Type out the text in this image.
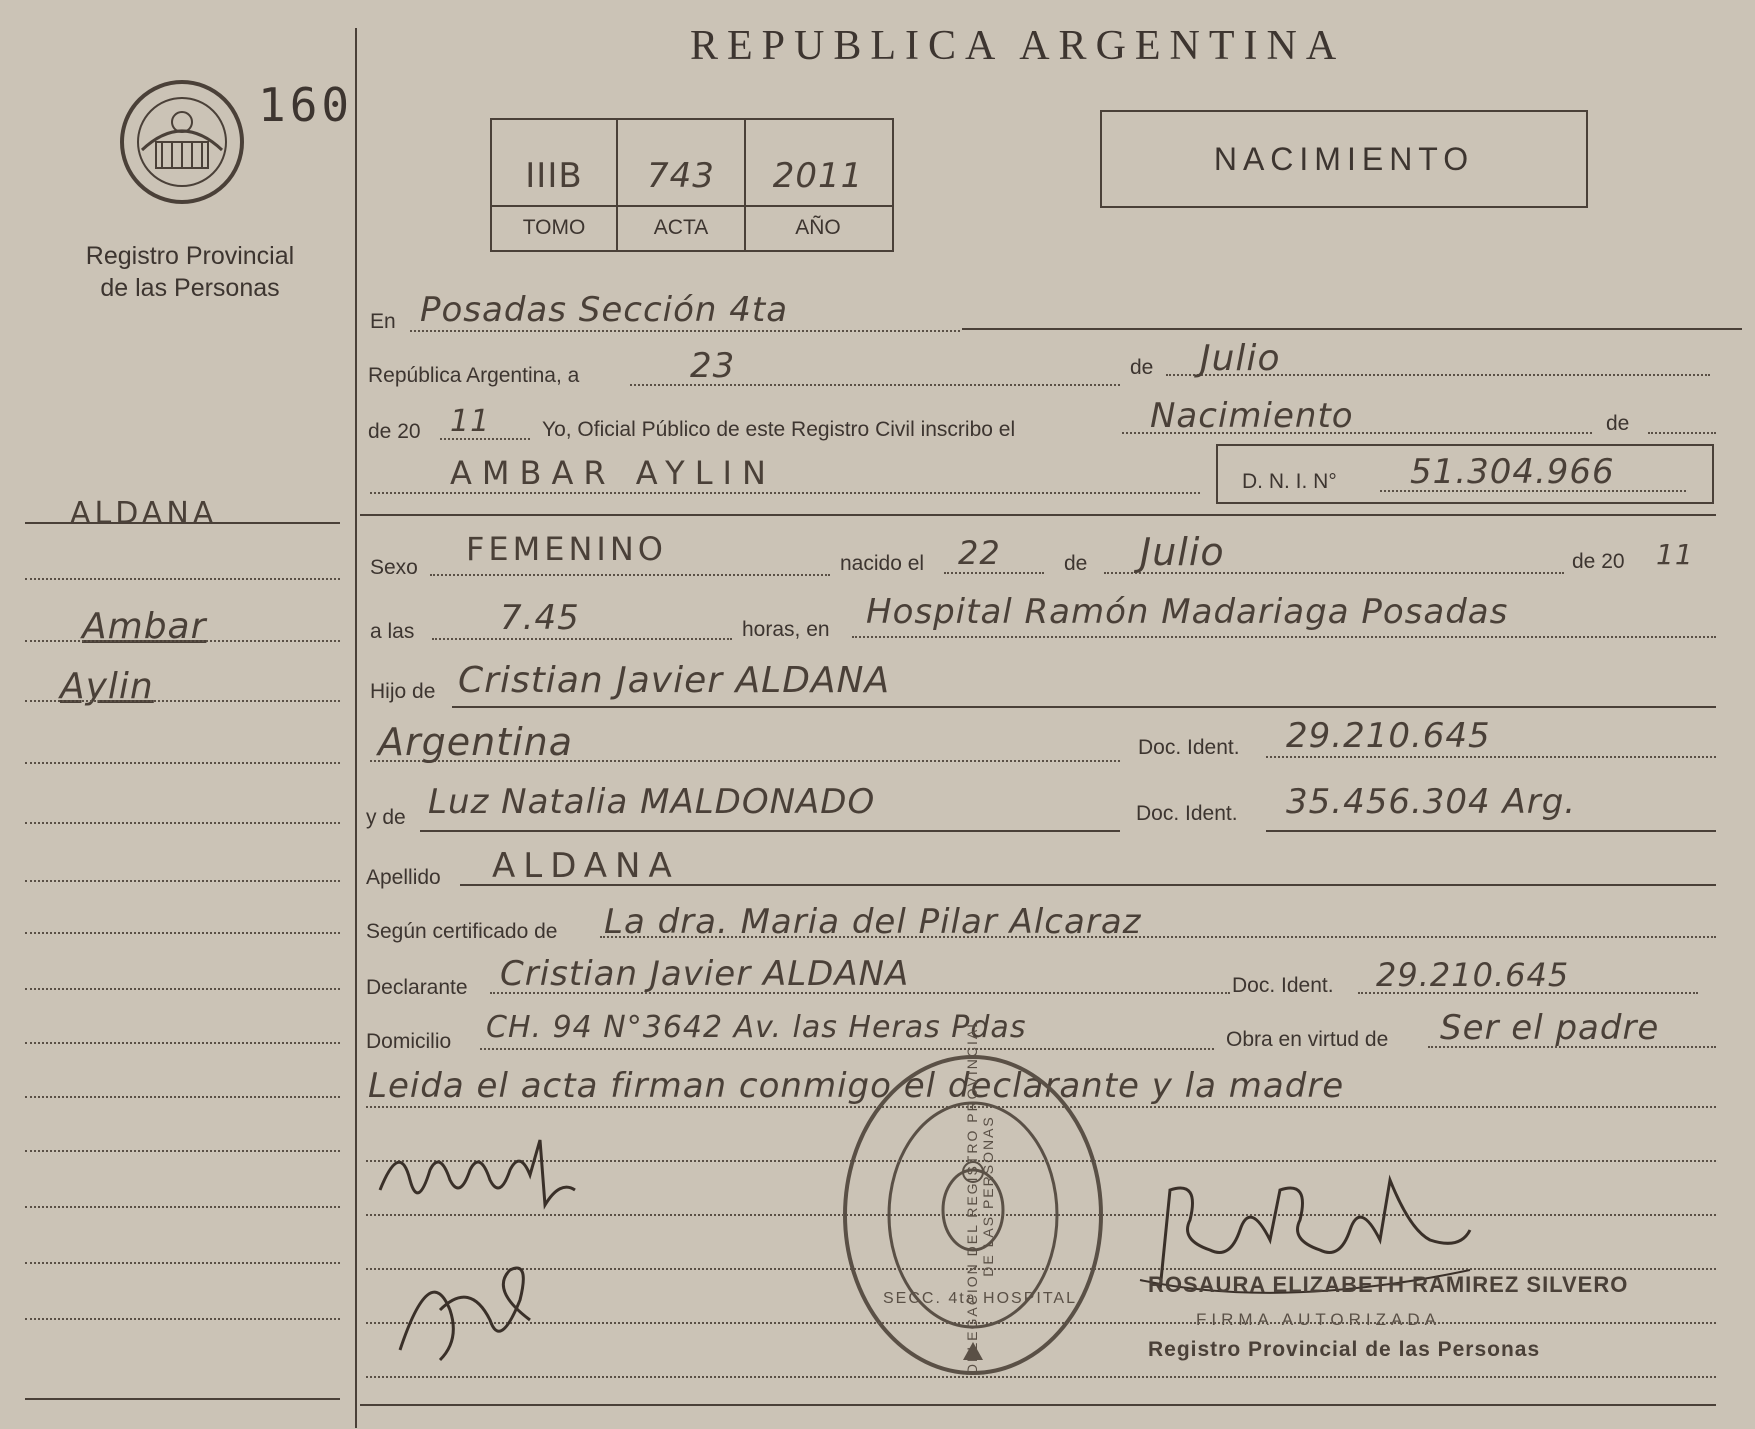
160
Registro Provincial
de las Personas
ALDANA
Ambar
Aylin
REPUBLICA ARGENTINA
IIIB	743	2011
TOMO	ACTA	AÑO
NACIMIENTO
En Posadas Sección 4ta
República Argentina, a	23	de Julio
de 20 11 Yo, Oficial Público de este Registro Civil inscribo el	Nacimiento	de
AMBAR AYLIN	D. N. I. N° 51.304.966
Sexo FEMENINO	nacido el 22	de Julio	de 20 11
a las	7.45	horas, en Hospital Ramón Madariaga Posadas
Hijo de Cristian Javier ALDANA
Argentina	Doc. Ident. 29.210.645
y de Luz Natalia MALDONADO	Doc. Ident. 35.456.304 Arg.
Apellido ALDANA
Según certificado de La dra. Maria del Pilar Alcaraz
Declarante Cristian Javier ALDANA	Doc. Ident. 29.210.645
Domicilio CH. 94 N°3642 Av. las Heras Pdas	Obra en virtud de Ser el padre
Leida el acta firman conmigo el declarante y la madre
DELEGACION DEL REGISTRO PROVINCIAL DE LAS PERSONAS
SECC. 4ta HOSPITAL
ROSAURA ELIZABETH RAMIREZ SILVERO
FIRMA AUTORIZADA
Registro Provincial de las Personas
